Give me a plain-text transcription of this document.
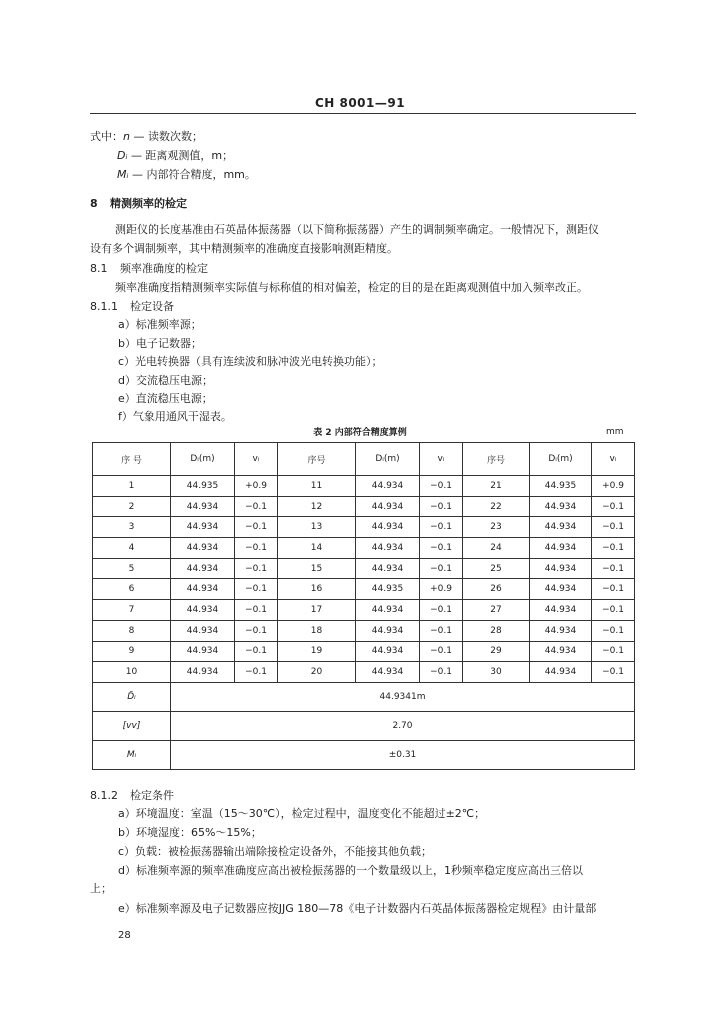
CH 8001—91
式中：n — 读数次数；
Dᵢ — 距离观测值，m；
Mᵢ — 内部符合精度，mm。
8 精测频率的检定
测距仪的长度基准由石英晶体振荡器（以下简称振荡器）产生的调制频率确定。一般情况下，测距仪
设有多个调制频率，其中精测频率的准确度直接影响测距精度。
8.1 频率准确度的检定
频率准确度指精测频率实际值与标称值的相对偏差，检定的目的是在距离观测值中加入频率改正。
8.1.1 检定设备
a）标准频率源；
b）电子记数器；
c）光电转换器（具有连续波和脉冲波光电转换功能）；
d）交流稳压电源；
e）直流稳压电源；
f）气象用通风干湿表。
表 2 内部符合精度算例	mm
序 号	Dᵢ(m)	vᵢ	序号	Dᵢ(m)	vᵢ	序号	Dᵢ(m)	vᵢ
1	44.935	+0.9	11	44.934	−0.1	21	44.935	+0.9
2	44.934	−0.1	12	44.934	−0.1	22	44.934	−0.1
3	44.934	−0.1	13	44.934	−0.1	23	44.934	−0.1
4	44.934	−0.1	14	44.934	−0.1	24	44.934	−0.1
5	44.934	−0.1	15	44.934	−0.1	25	44.934	−0.1
6	44.934	−0.1	16	44.935	+0.9	26	44.934	−0.1
7	44.934	−0.1	17	44.934	−0.1	27	44.934	−0.1
8	44.934	−0.1	18	44.934	−0.1	28	44.934	−0.1
9	44.934	−0.1	19	44.934	−0.1	29	44.934	−0.1
10	44.934	−0.1	20	44.934	−0.1	30	44.934	−0.1
D̄ᵢ	44.9341m							
[vv]	2.70							
Mᵢ	±0.31							
8.1.2 检定条件
a）环境温度：室温（15～30℃），检定过程中，温度变化不能超过±2℃；
b）环境湿度：65%～15%；
c）负载：被检振荡器输出端除接检定设备外，不能接其他负载；
d）标准频率源的频率准确度应高出被检振荡器的一个数量级以上，1秒频率稳定度应高出三倍以
上；
e）标准频率源及电子记数器应按JJG 180—78《电子计数器内石英晶体振荡器检定规程》由计量部
28
